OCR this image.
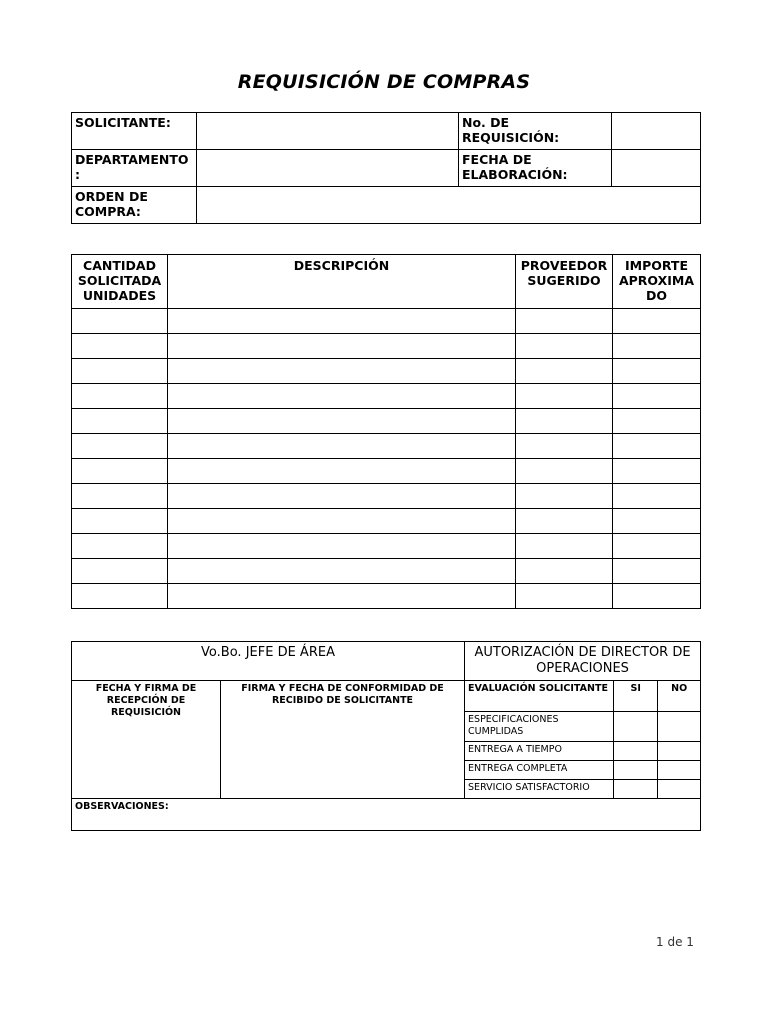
REQUISICIÓN DE COMPRAS
SOLICITANTE:		No. DE REQUISICIÓN:	
DEPARTAMENTO :		FECHA DE ELABORACIÓN:	
ORDEN DE COMPRA:			
CANTIDAD SOLICITADA UNIDADES	DESCRIPCIÓN	PROVEEDOR SUGERIDO	IMPORTE APROXIMA DO

Vo.Bo. JEFE DE ÁREA	AUTORIZACIÓN DE DIRECTOR DE OPERACIONES
FECHA Y FIRMA DE RECEPCIÓN DE REQUISICIÓN	FIRMA Y FECHA DE CONFORMIDAD DE RECIBIDO DE SOLICITANTE	
EVALUACIÓN SOLICITANTE	SI	NO
ESPECIFICACIONES CUMPLIDAS		
ENTREGA A TIEMPO		
ENTREGA COMPLETA		
SERVICIO SATISFACTORIO		

OBSERVACIONES:
1 de 1
